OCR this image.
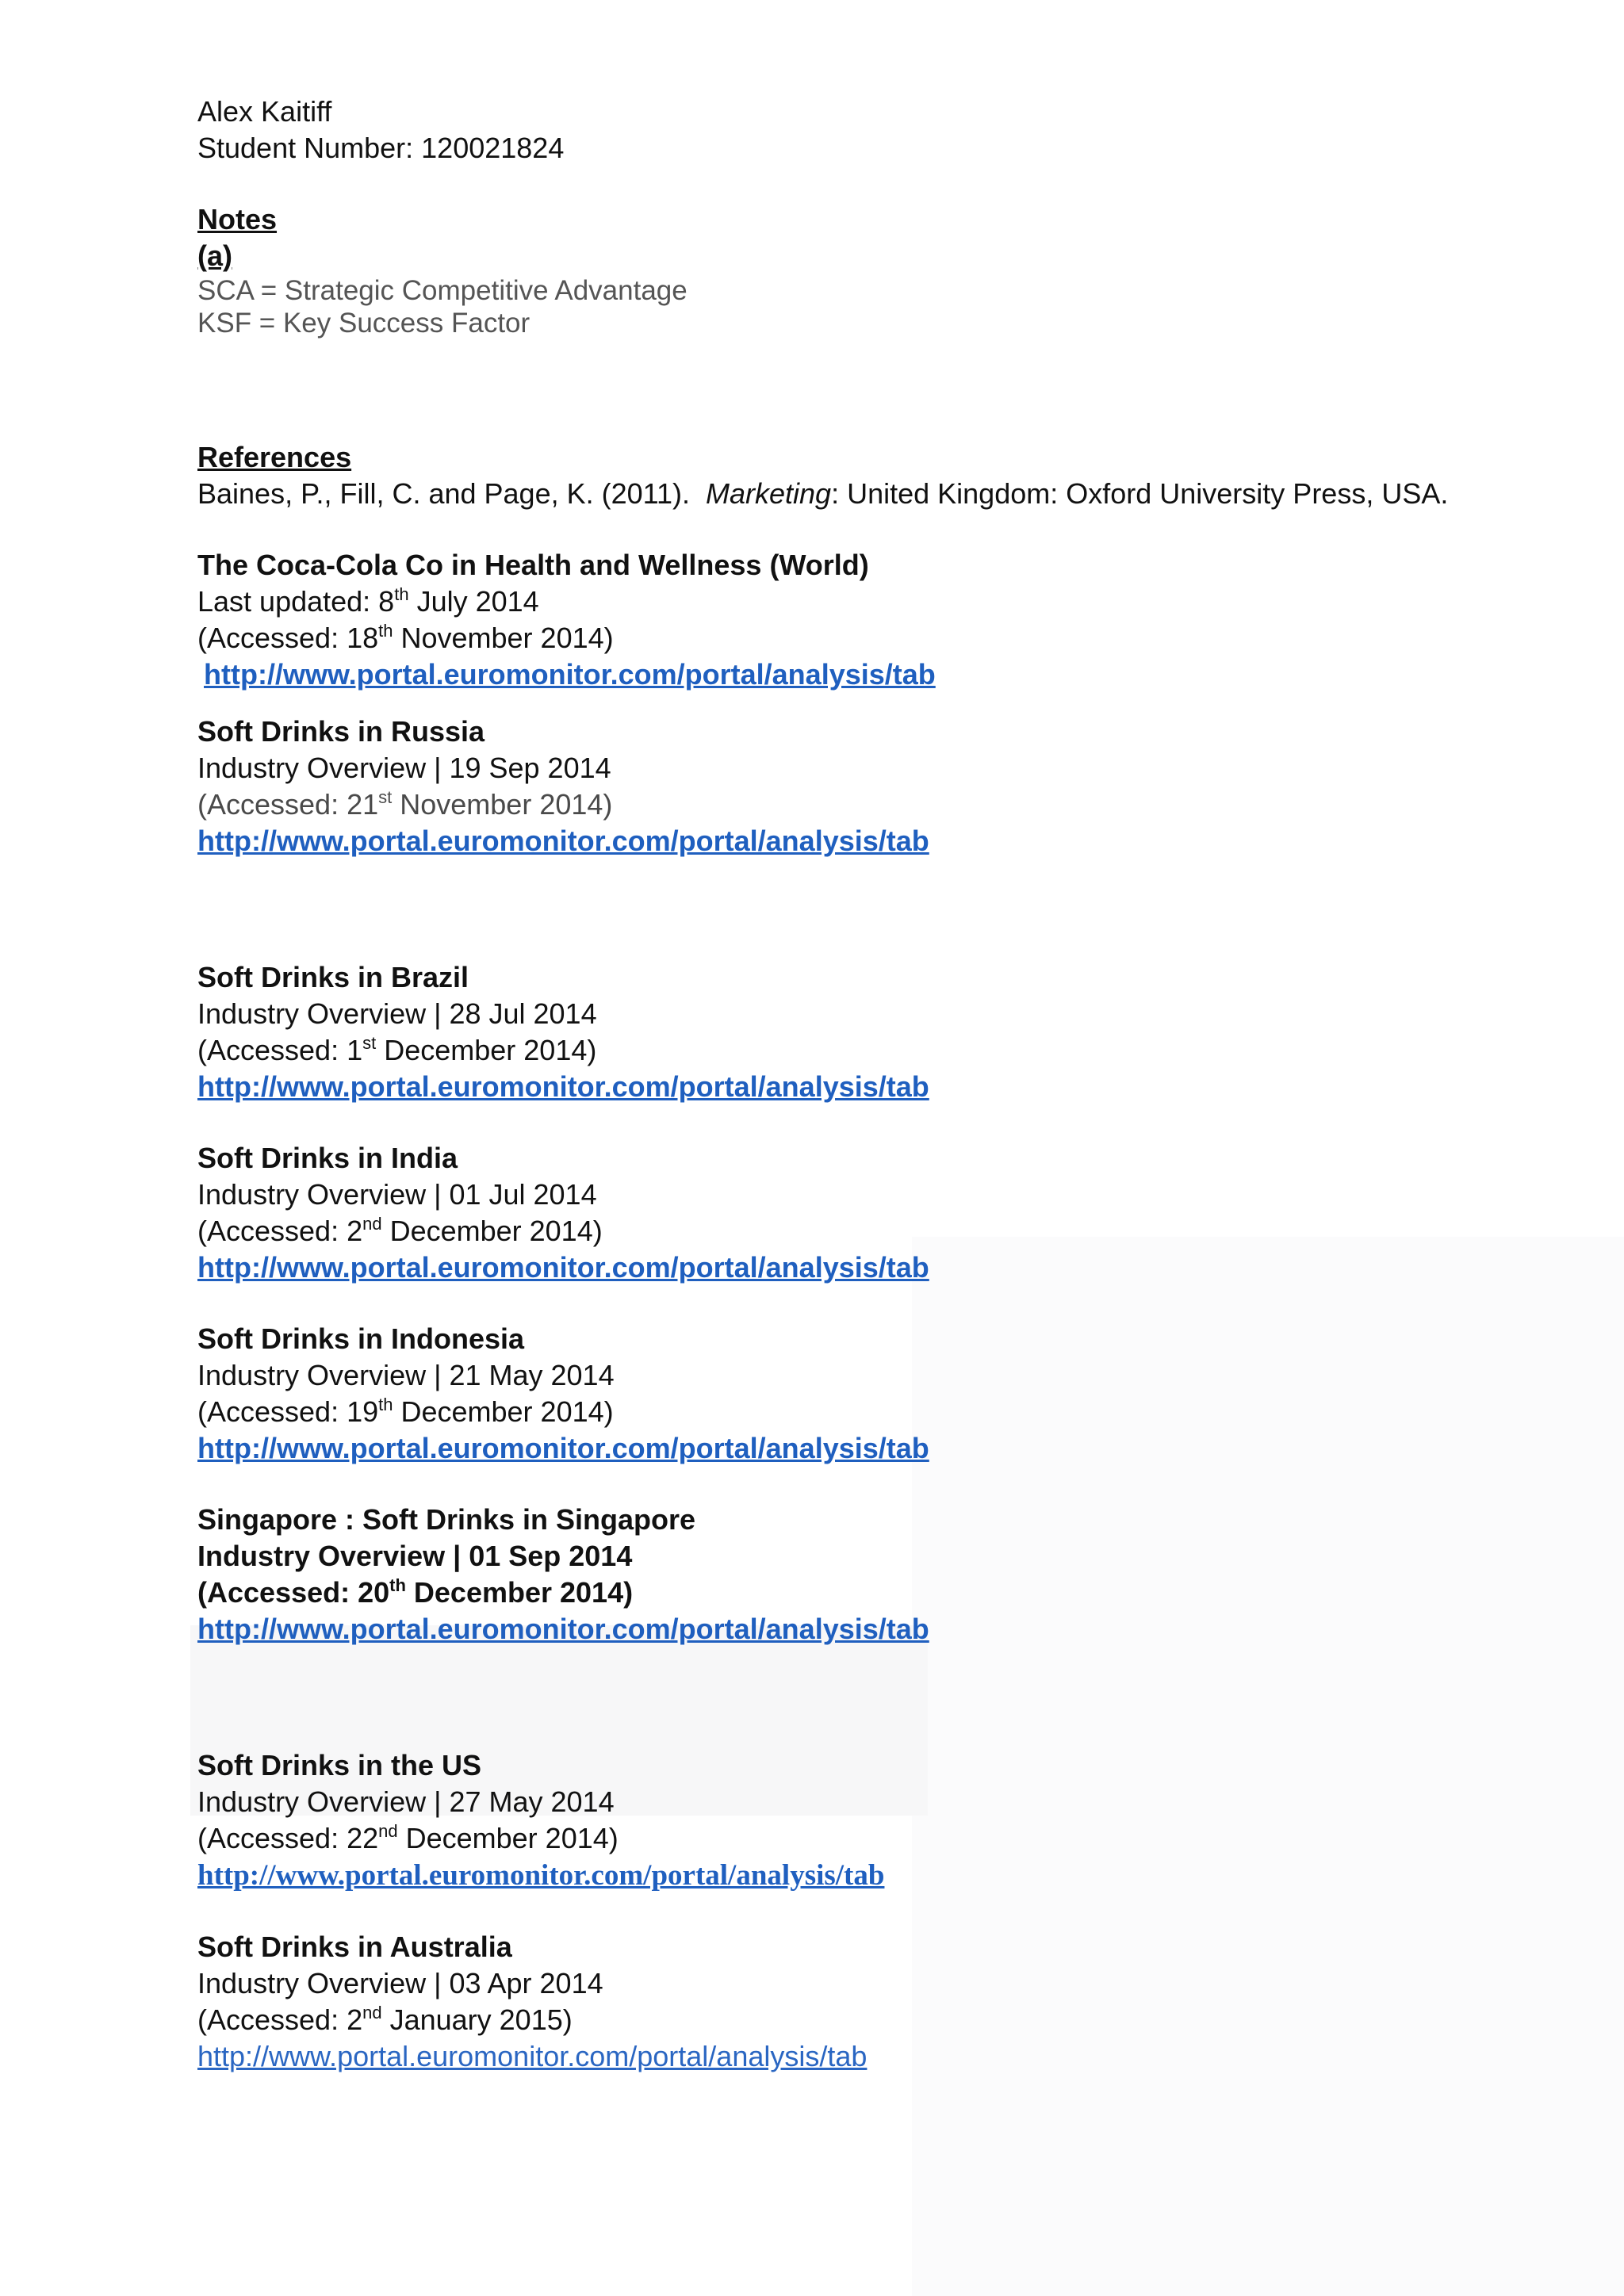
Alex Kaitiff
Student Number: 120021824
Notes
(a)
SCA = Strategic Competitive Advantage
KSF = Key Success Factor
References
Baines, P., Fill, C. and Page, K. (2011). Marketing: United Kingdom: Oxford University Press, USA.
The Coca-Cola Co in Health and Wellness (World)
Last updated: 8th July 2014
(Accessed: 18th November 2014)
http://www.portal.euromonitor.com/portal/analysis/tab
Soft Drinks in Russia
Industry Overview | 19 Sep 2014
(Accessed: 21st November 2014)
http://www.portal.euromonitor.com/portal/analysis/tab
Soft Drinks in Brazil
Industry Overview | 28 Jul 2014
(Accessed: 1st December 2014)
http://www.portal.euromonitor.com/portal/analysis/tab
Soft Drinks in India
Industry Overview | 01 Jul 2014
(Accessed: 2nd December 2014)
http://www.portal.euromonitor.com/portal/analysis/tab
Soft Drinks in Indonesia
Industry Overview | 21 May 2014
(Accessed: 19th December 2014)
http://www.portal.euromonitor.com/portal/analysis/tab
Singapore : Soft Drinks in Singapore
Industry Overview | 01 Sep 2014
(Accessed: 20th December 2014)
http://www.portal.euromonitor.com/portal/analysis/tab
Soft Drinks in the US
Industry Overview | 27 May 2014
(Accessed: 22nd December 2014)
http://www.portal.euromonitor.com/portal/analysis/tab
Soft Drinks in Australia
Industry Overview | 03 Apr 2014
(Accessed: 2nd January 2015)
http://www.portal.euromonitor.com/portal/analysis/tab
